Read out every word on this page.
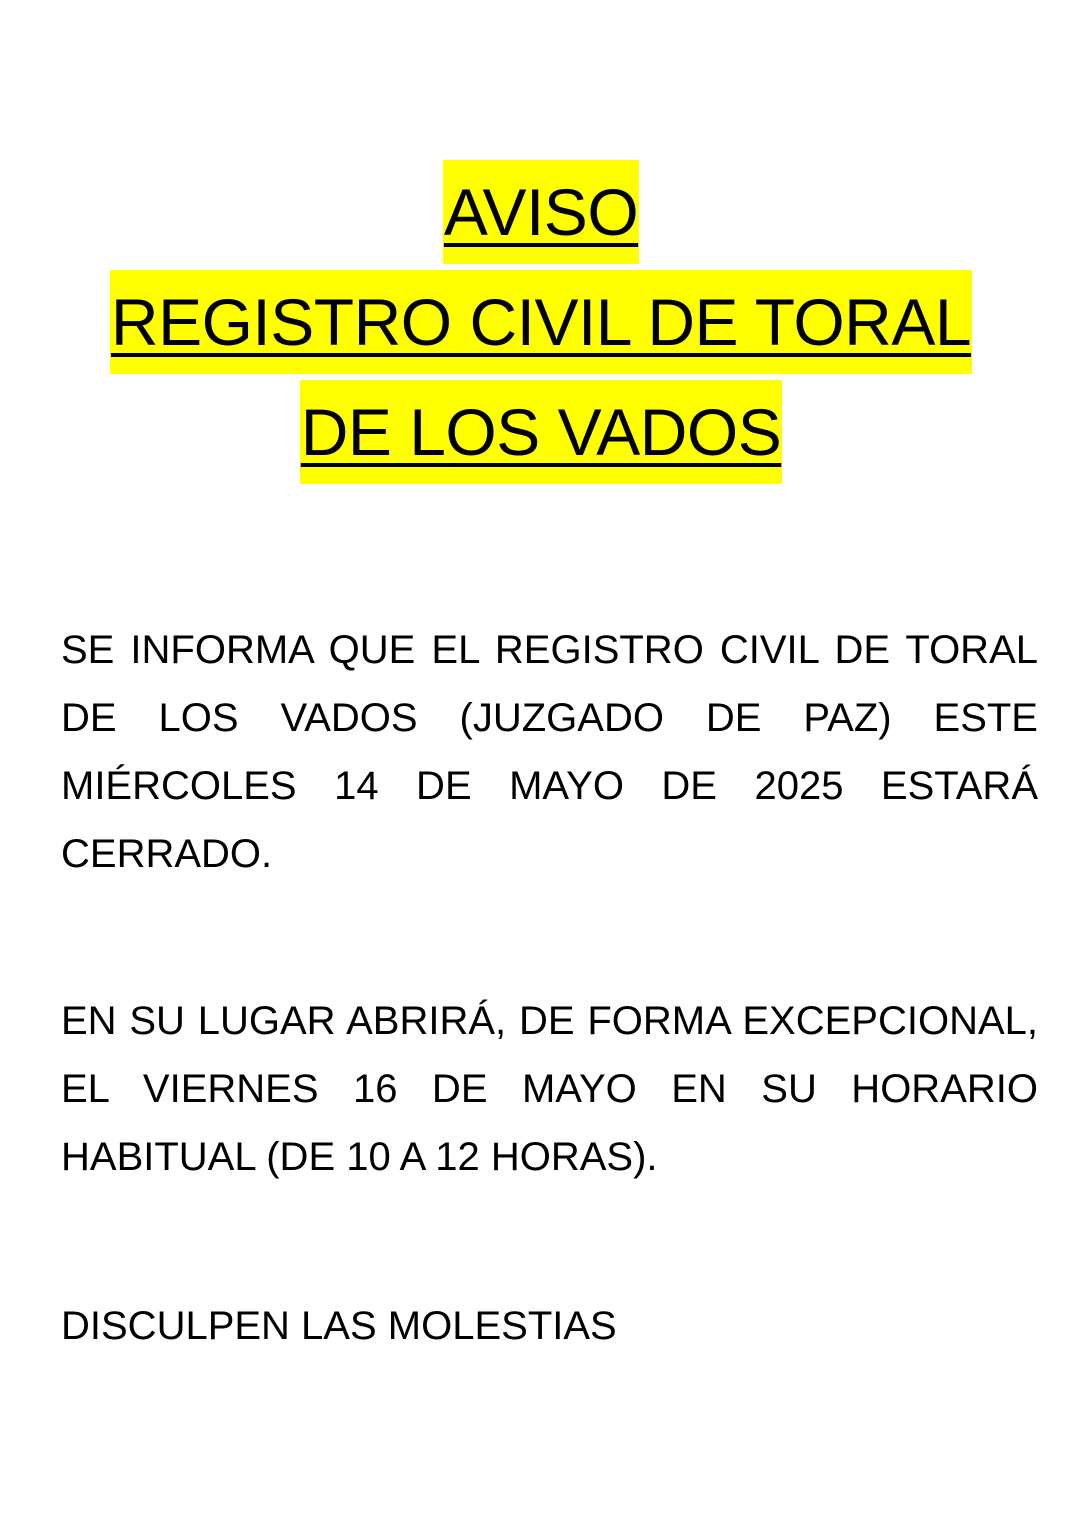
AVISO
REGISTRO CIVIL DE TORAL
DE LOS VADOS

SE INFORMA QUE EL REGISTRO CIVIL DE TORAL DE LOS VADOS (JUZGADO DE PAZ) ESTE MIÉRCOLES 14 DE MAYO DE 2025 ESTARÁ CERRADO.

EN SU LUGAR ABRIRÁ, DE FORMA EXCEPCIONAL, EL VIERNES 16 DE MAYO EN SU HORARIO HABITUAL (DE 10 A 12 HORAS).

DISCULPEN LAS MOLESTIAS
